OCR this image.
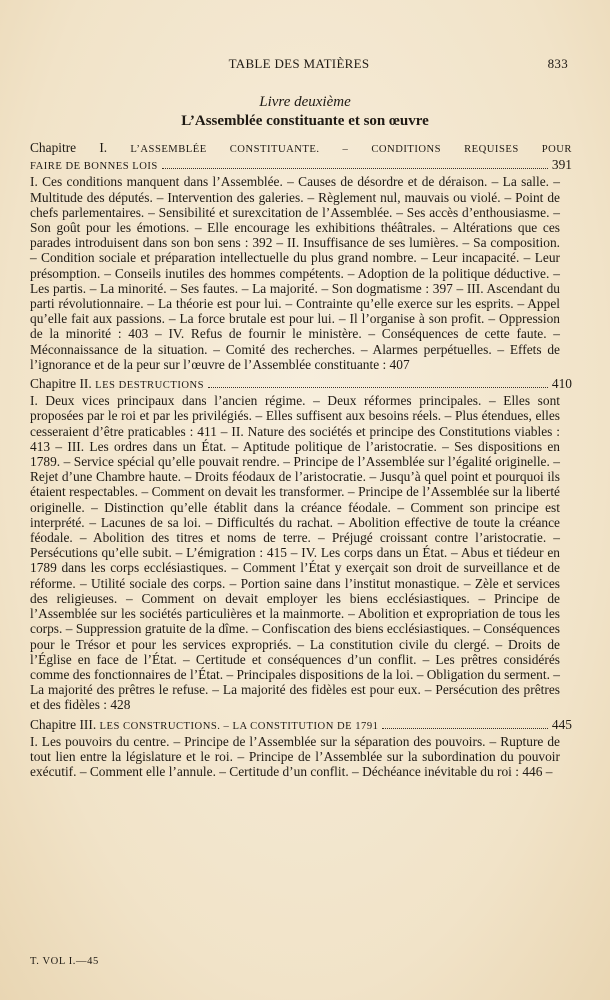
TABLE DES MATIÈRES	833
Livre deuxième
L’Assemblée constituante et son œuvre
Chapitre I. L’ASSEMBLÉE CONSTITUANTE. – CONDITIONS REQUISES POUR
FAIRE DE BONNES LOIS	391
I. Ces conditions manquent dans l’Assemblée. – Causes de désordre et de déraison. – La salle. – Multitude des députés. – Intervention des galeries. – Règlement nul, mauvais ou violé. – Point de chefs parlementaires. – Sensibilité et surexcitation de l’Assemblée. – Ses accès d’enthousiasme. – Son goût pour les émotions. – Elle encourage les exhibitions théâtrales. – Altérations que ces parades introduisent dans son bon sens : 392 – II. Insuffisance de ses lumières. – Sa composition. – Condition sociale et préparation intellectuelle du plus grand nombre. – Leur incapacité. – Leur présomption. – Conseils inutiles des hommes compétents. – Adoption de la politique déductive. – Les partis. – La minorité. – Ses fautes. – La majorité. – Son dogmatisme : 397 – III. Ascendant du parti révolutionnaire. – La théorie est pour lui. – Contrainte qu’elle exerce sur les esprits. – Appel qu’elle fait aux passions. – La force brutale est pour lui. – Il l’organise à son profit. – Oppression de la minorité : 403 – IV. Refus de fournir le ministère. – Conséquences de cette faute. – Méconnaissance de la situation. – Comité des recherches. – Alarmes perpétuelles. – Effets de l’ignorance et de la peur sur l’œuvre de l’Assemblée constituante : 407
Chapitre II. LES DESTRUCTIONS	410
I. Deux vices principaux dans l’ancien régime. – Deux réformes principales. – Elles sont proposées par le roi et par les privilégiés. – Elles suffisent aux besoins réels. – Plus étendues, elles cesseraient d’être praticables : 411 – II. Nature des sociétés et principe des Constitutions viables : 413 – III. Les ordres dans un État. – Aptitude politique de l’aristocratie. – Ses dispositions en 1789. – Service spécial qu’elle pouvait rendre. – Principe de l’Assemblée sur l’égalité originelle. – Rejet d’une Chambre haute. – Droits féodaux de l’aristocratie. – Jusqu’à quel point et pourquoi ils étaient respectables. – Comment on devait les transformer. – Principe de l’Assemblée sur la liberté originelle. – Distinction qu’elle établit dans la créance féodale. – Comment son principe est interprété. – Lacunes de sa loi. – Difficultés du rachat. – Abolition effective de toute la créance féodale. – Abolition des titres et noms de terre. – Préjugé croissant contre l’aristocratie. – Persécutions qu’elle subit. – L’émigration : 415 – IV. Les corps dans un État. – Abus et tiédeur en 1789 dans les corps ecclésiastiques. – Comment l’État y exerçait son droit de surveillance et de réforme. – Utilité sociale des corps. – Portion saine dans l’institut monastique. – Zèle et services des religieuses. – Comment on devait employer les biens ecclésiastiques. – Principe de l’Assemblée sur les sociétés particulières et la mainmorte. – Abolition et expropriation de tous les corps. – Suppression gratuite de la dîme. – Confiscation des biens ecclésiastiques. – Conséquences pour le Trésor et pour les services expropriés. – La constitution civile du clergé. – Droits de l’Église en face de l’État. – Certitude et conséquences d’un conflit. – Les prêtres considérés comme des fonctionnaires de l’État. – Principales dispositions de la loi. – Obligation du serment. – La majorité des prêtres le refuse. – La majorité des fidèles est pour eux. – Persécution des prêtres et des fidèles : 428
Chapitre III. LES CONSTRUCTIONS. – LA CONSTITUTION DE 1791	445
I. Les pouvoirs du centre. – Principe de l’Assemblée sur la séparation des pouvoirs. – Rupture de tout lien entre la législature et le roi. – Principe de l’Assemblée sur la subordination du pouvoir exécutif. – Comment elle l’annule. – Certitude d’un conflit. – Déchéance inévitable du roi : 446 –
T. VOL I.—45
